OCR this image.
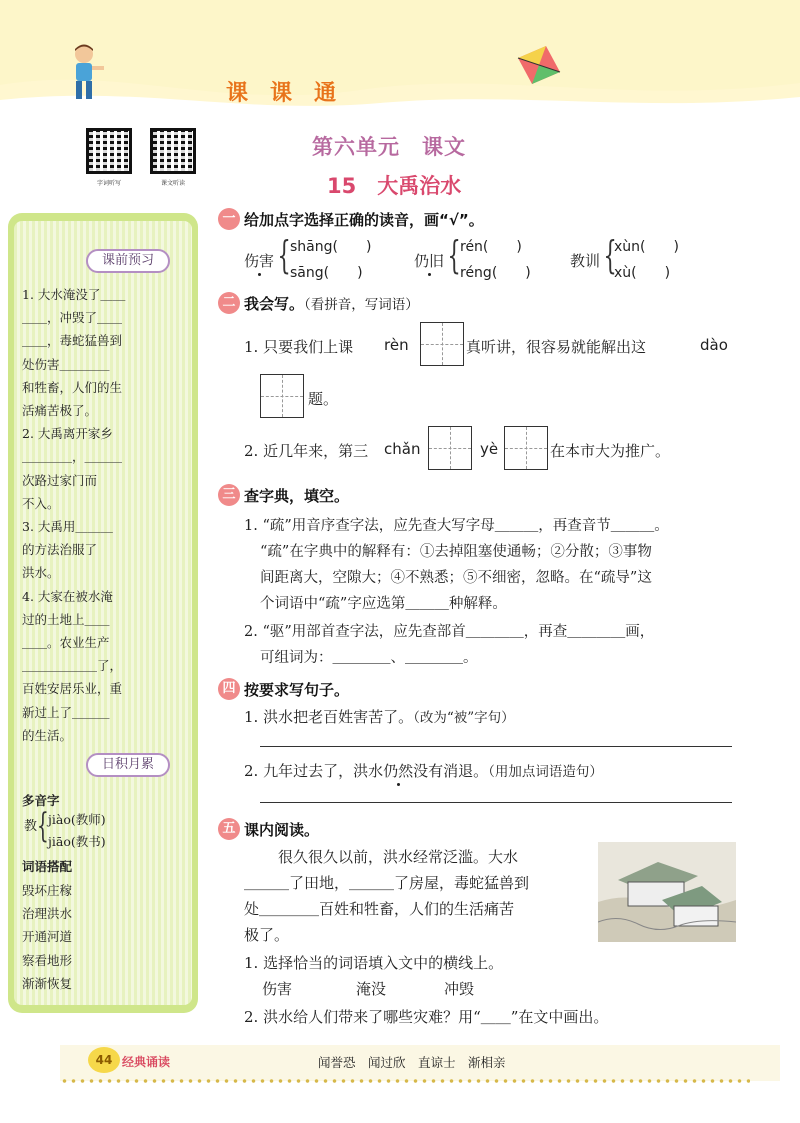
课课通
字词听写	课文听读
第六单元　课文
15　大禹治水
课前预习
1. 大水淹没了＿＿
＿＿，冲毁了＿＿
＿＿，毒蛇猛兽到
处伤害＿＿＿＿
和牲畜，人们的生
活痛苦极了。
2. 大禹离开家乡
＿＿＿＿，＿＿＿
次路过家门而
不入。
3. 大禹用＿＿＿
的方法治服了
洪水。
4. 大家在被水淹
过的土地上＿＿
＿＿。农业生产
＿＿＿＿＿＿了，
百姓安居乐业，重
新过上了＿＿＿
的生活。
日积月累
多音字
教 { jiào(教师)
jiāo(教书)
词语搭配
毁坏庄稼
治理洪水
开通河道
察看地形
渐渐恢复
一 给加点字选择正确的读音，画“√”。
伤害 { shāng(　　)
sāng(　　)
仍旧 { rén(　　)
réng(　　)
教训 {
xùn(　　)
xù(　　)
二 我会写。（看拼音，写词语）
1. 只要我们上课 rèn	真听讲，很容易就能解出这	dào
题。
2. 近几年来，第三 chǎn	yè	在本市大为推广。
三 查字典，填空。
1. “疏”用音序查字法，应先查大写字母＿＿＿，再查音节＿＿＿。
“疏”在字典中的解释有：①去掉阻塞使通畅；②分散；③事物
间距离大，空隙大；④不熟悉；⑤不细密，忽略。在“疏导”这
个词语中“疏”字应选第＿＿＿种解释。
2. “驱”用部首查字法，应先查部首＿＿＿＿，再查＿＿＿＿画，
可组词为：＿＿＿＿、＿＿＿＿。
四 按要求写句子。
1. 洪水把老百姓害苦了。（改为“被”字句）
2. 九年过去了，洪水仍然没有消退。（用加点词语造句）
五 课内阅读。
很久很久以前，洪水经常泛滥。大水
＿＿＿了田地，＿＿＿了房屋，毒蛇猛兽到
处＿＿＿＿百姓和牲畜，人们的生活痛苦
极了。
1. 选择恰当的词语填入文中的横线上。
伤害	淹没	冲毁
2. 洪水给人们带来了哪些灾难？用“＿＿”在文中画出。
44 经典诵读	闻誉恐　闻过欣　直谅士　渐相亲
